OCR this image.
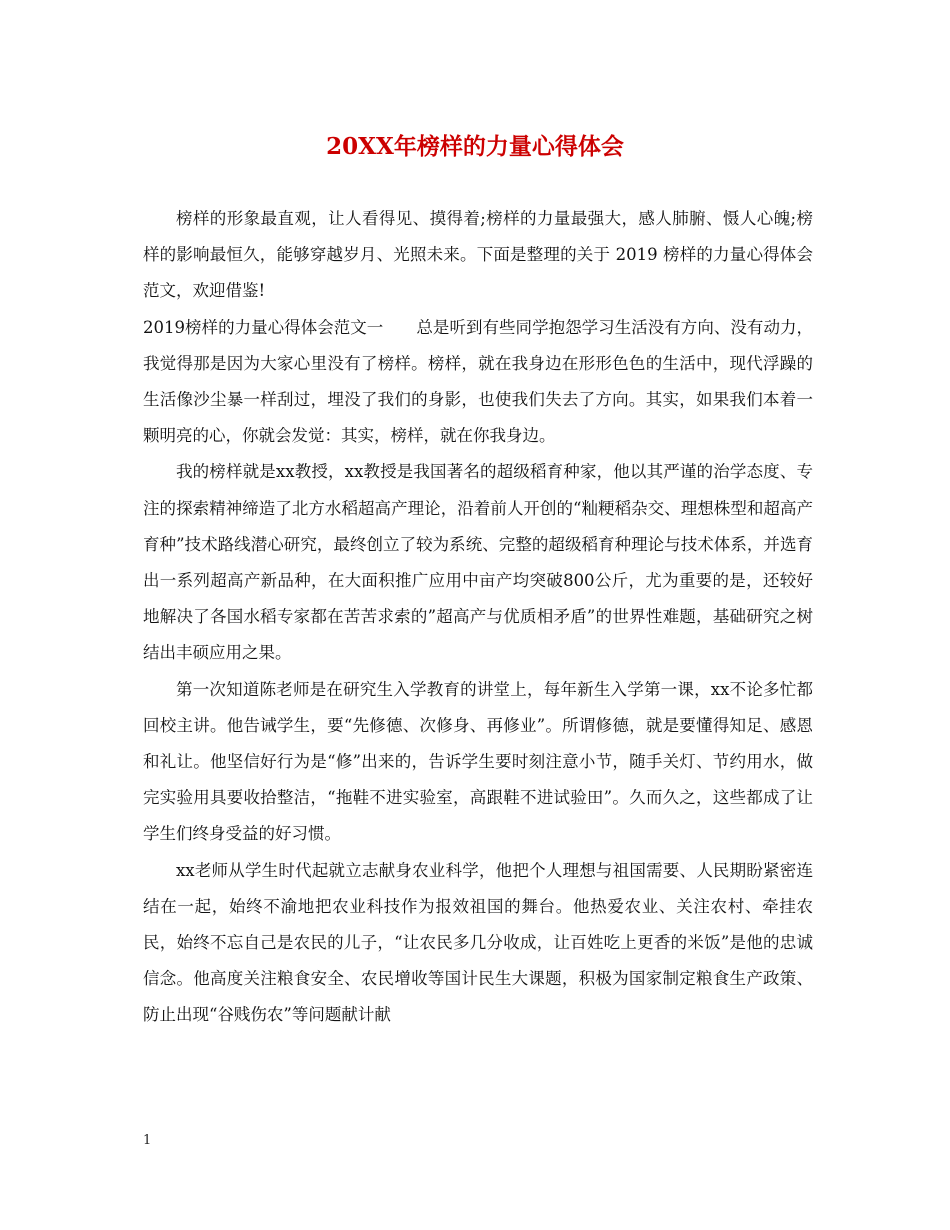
20XX年榜样的力量心得体会

榜样的形象最直观，让人看得见、摸得着;榜样的力量最强大，感人肺腑、慑人心魄;榜样的影响最恒久，能够穿越岁月、光照未来。下面是整理的关于 2019 榜样的力量心得体会范文，欢迎借鉴!

2019榜样的力量心得体会范文一　　总是听到有些同学抱怨学习生活没有方向、没有动力，我觉得那是因为大家心里没有了榜样。榜样，就在我身边在形形色色的生活中，现代浮躁的生活像沙尘暴一样刮过，埋没了我们的身影，也使我们失去了方向。其实，如果我们本着一颗明亮的心，你就会发觉：其实，榜样，就在你我身边。

我的榜样就是xx教授，xx教授是我国著名的超级稻育种家，他以其严谨的治学态度、专注的探索精神缔造了北方水稻超高产理论，沿着前人开创的“籼粳稻杂交、理想株型和超高产育种”技术路线潜心研究，最终创立了较为系统、完整的超级稻育种理论与技术体系，并选育出一系列超高产新品种，在大面积推广应用中亩产均突破800公斤，尤为重要的是，还较好地解决了各国水稻专家都在苦苦求索的”超高产与优质相矛盾”的世界性难题，基础研究之树结出丰硕应用之果。

第一次知道陈老师是在研究生入学教育的讲堂上，每年新生入学第一课，xx不论多忙都回校主讲。他告诫学生，要“先修德、次修身、再修业”。所谓修德，就是要懂得知足、感恩和礼让。他坚信好行为是“修”出来的，告诉学生要时刻注意小节，随手关灯、节约用水，做完实验用具要收拾整洁，“拖鞋不进实验室，高跟鞋不进试验田”。久而久之，这些都成了让学生们终身受益的好习惯。

xx老师从学生时代起就立志献身农业科学，他把个人理想与祖国需要、人民期盼紧密连结在一起，始终不渝地把农业科技作为报效祖国的舞台。他热爱农业、关注农村、牵挂农民，始终不忘自己是农民的儿子，“让农民多几分收成，让百姓吃上更香的米饭”是他的忠诚信念。他高度关注粮食安全、农民增收等国计民生大课题，积极为国家制定粮食生产政策、防止出现“谷贱伤农”等问题献计献

1
